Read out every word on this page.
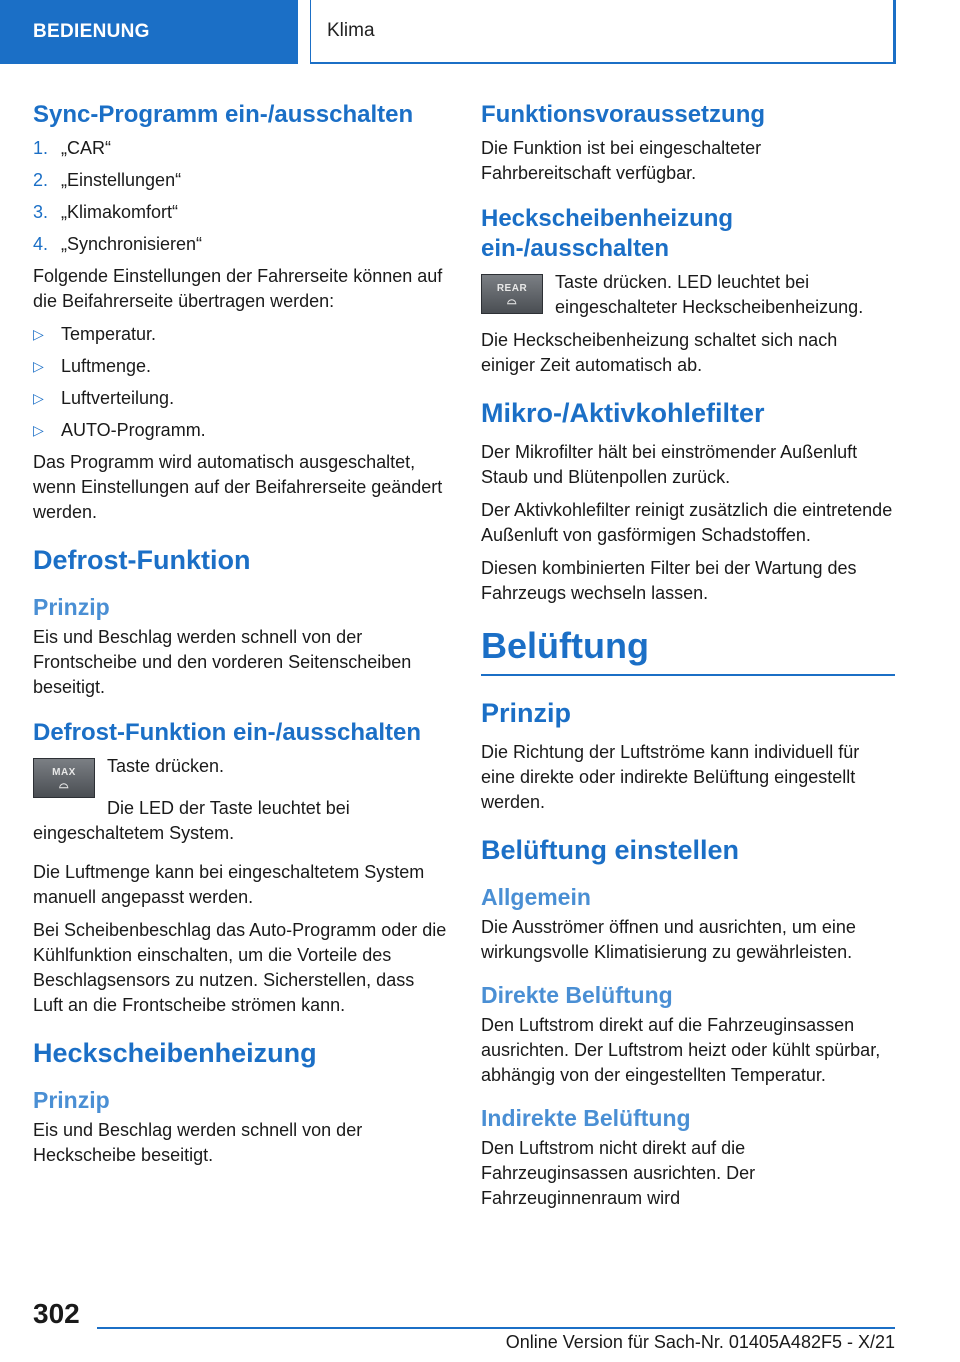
BEDIENUNG	Klima
Sync-Programm ein-/ausschalten
1. „CAR“
2. „Einstellungen“
3. „Klimakomfort“
4. „Synchronisieren“

Folgende Einstellungen der Fahrerseite können auf die Beifahrerseite übertragen werden:

▷ Temperatur.
▷ Luftmenge.
▷ Luftverteilung.
▷ AUTO-Programm.

Das Programm wird automatisch ausgeschaltet, wenn Einstellungen auf der Beifahrerseite geändert werden.

Defrost-Funktion
Prinzip

Eis und Beschlag werden schnell von der Frontscheibe und den vorderen Seitenscheiben beseitigt.

Defrost-Funktion ein-/ausschalten
MAX
⌓

Taste drücken.

Die LED der Taste leuchtet bei eingeschaltetem System.

Die Luftmenge kann bei eingeschaltetem System manuell angepasst werden.

Bei Scheibenbeschlag das Auto-Programm oder die Kühlfunktion einschalten, um die Vorteile des Beschlagsensors zu nutzen. Sicherstellen, dass Luft an die Frontscheibe strömen kann.

Heckscheibenheizung
Prinzip

Eis und Beschlag werden schnell von der Heckscheibe beseitigt.

Funktionsvoraussetzung

Die Funktion ist bei eingeschalteter Fahrbereitschaft verfügbar.

Heckscheibenheizung ein-/ausschalten
REAR
⌓

Taste drücken. LED leuchtet bei eingeschalteter Heckscheibenheizung.

Die Heckscheibenheizung schaltet sich nach einiger Zeit automatisch ab.

Mikro-/Aktivkohlefilter

Der Mikrofilter hält bei einströmender Außenluft Staub und Blütenpollen zurück.

Der Aktivkohlefilter reinigt zusätzlich die eintretende Außenluft von gasförmigen Schadstoffen.

Diesen kombinierten Filter bei der Wartung des Fahrzeugs wechseln lassen.

Belüftung
Prinzip

Die Richtung der Luftströme kann individuell für eine direkte oder indirekte Belüftung eingestellt werden.

Belüftung einstellen
Allgemein

Die Ausströmer öffnen und ausrichten, um eine wirkungsvolle Klimatisierung zu gewährleisten.

Direkte Belüftung

Den Luftstrom direkt auf die Fahrzeuginsassen ausrichten. Der Luftstrom heizt oder kühlt spürbar, abhängig von der eingestellten Temperatur.

Indirekte Belüftung

Den Luftstrom nicht direkt auf die Fahrzeuginsassen ausrichten. Der Fahrzeuginnenraum wird

302
Online Version für Sach-Nr. 01405A482F5 - X/21
